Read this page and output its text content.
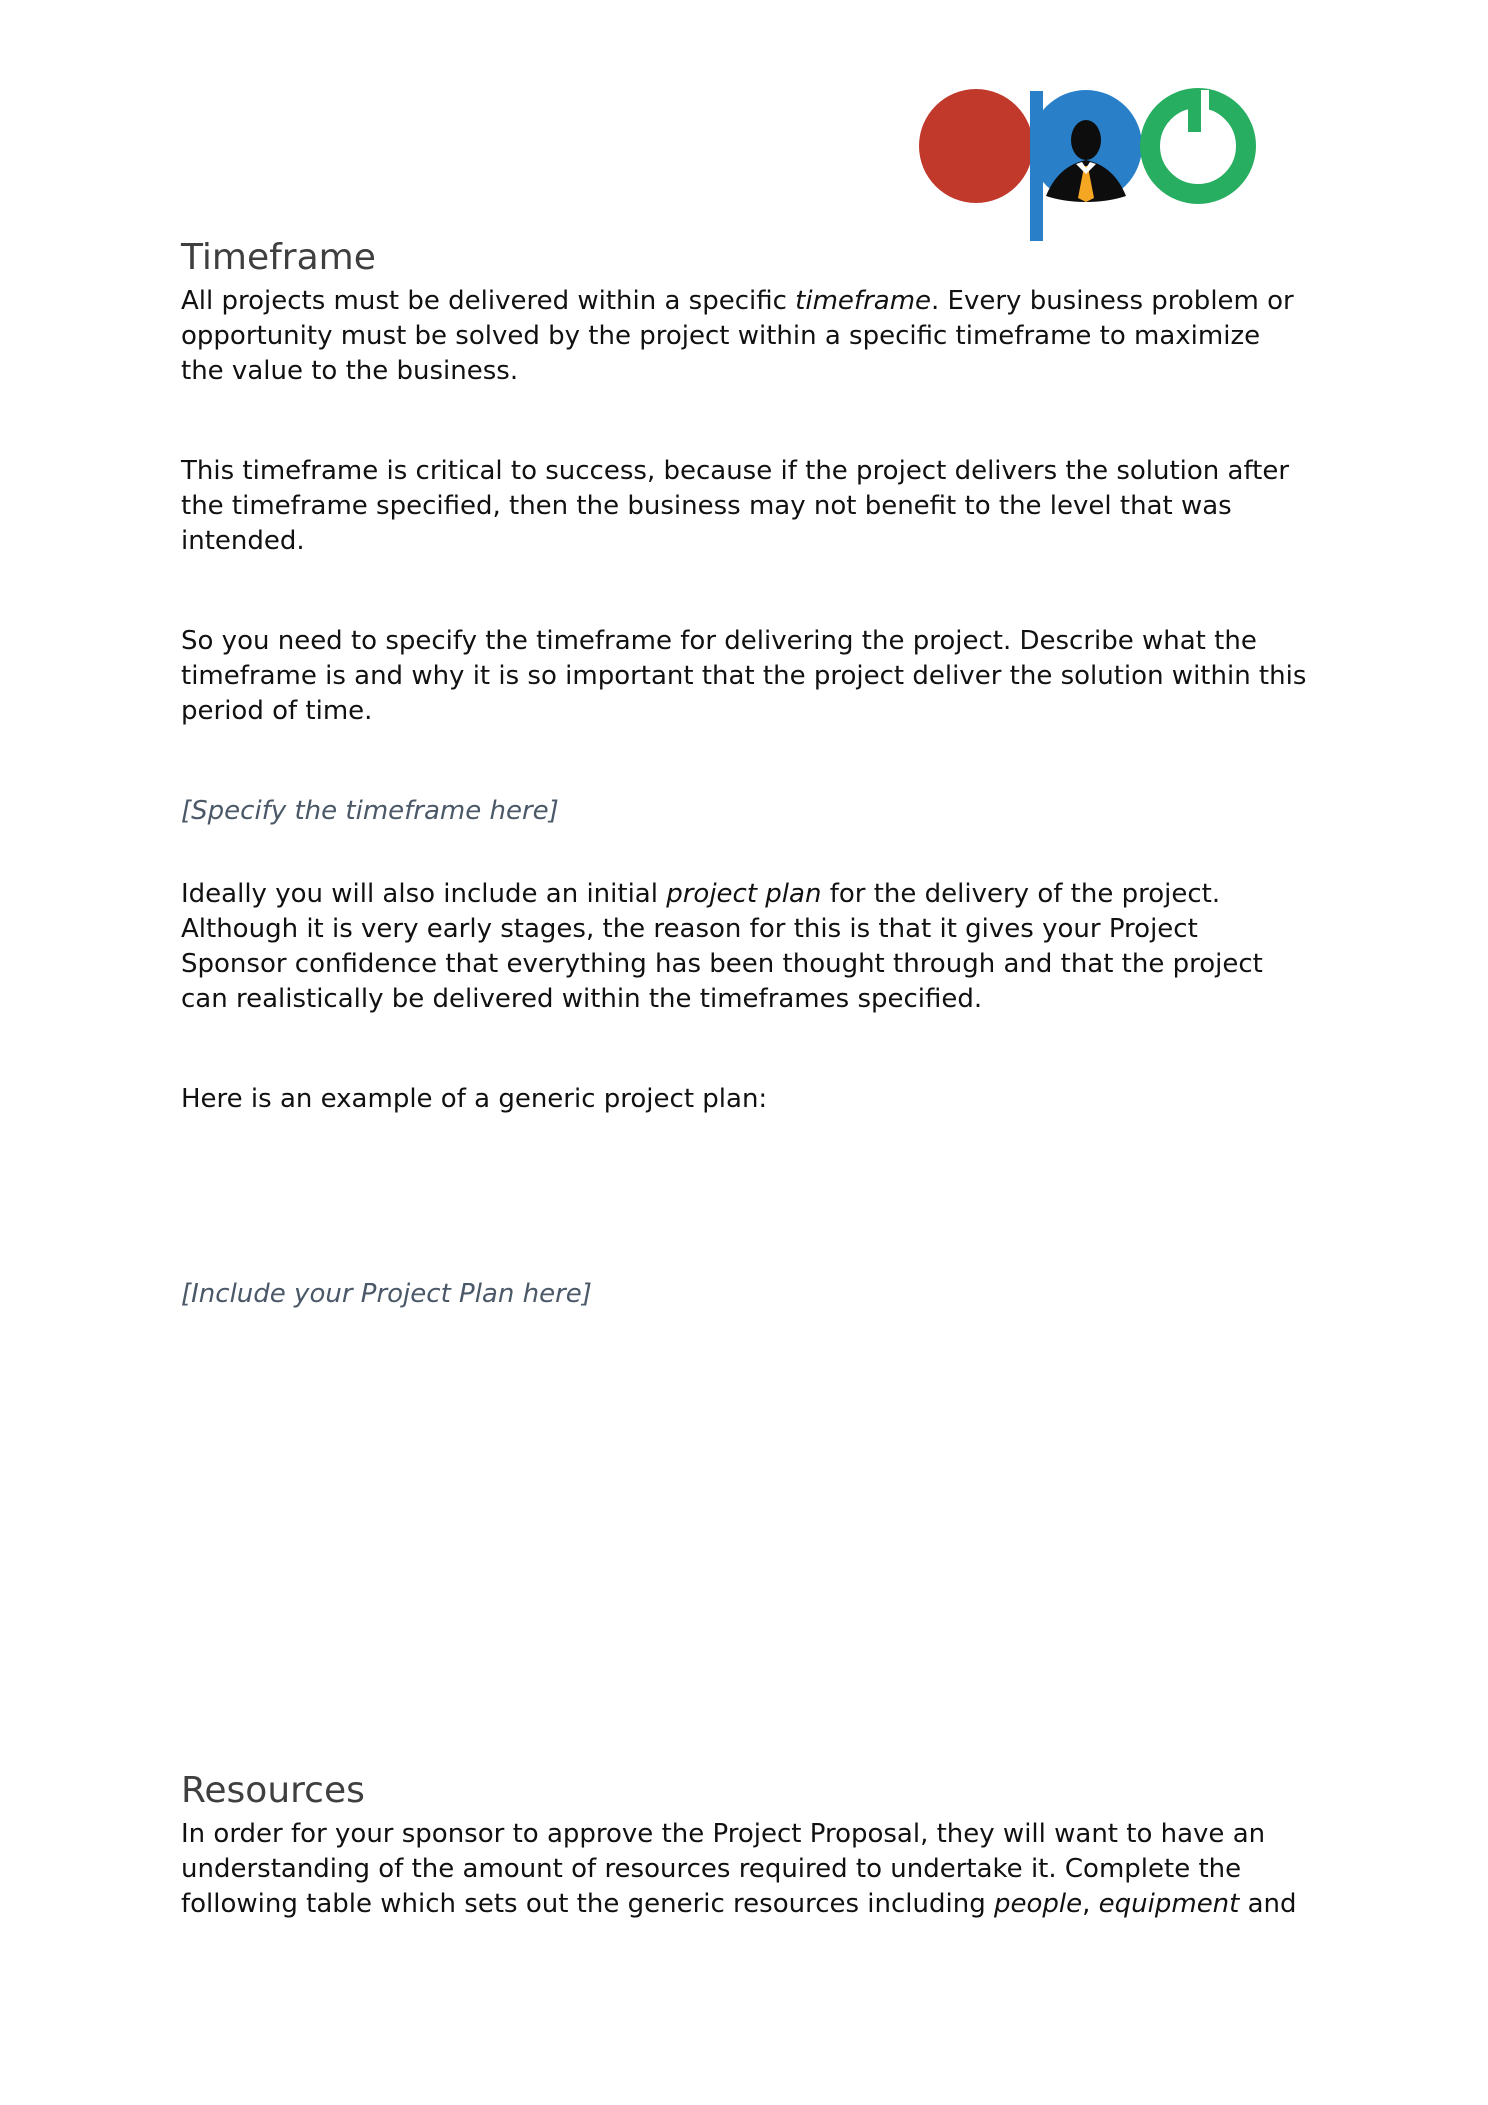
Timeframe

All projects must be delivered within a specific timeframe. Every business problem or opportunity must be solved by the project within a specific timeframe to maximize the value to the business.

This timeframe is critical to success, because if the project delivers the solution after the timeframe specified, then the business may not benefit to the level that was intended.

So you need to specify the timeframe for delivering the project. Describe what the timeframe is and why it is so important that the project deliver the solution within this period of time.

[Specify the timeframe here]

Ideally you will also include an initial project plan for the delivery of the project. Although it is very early stages, the reason for this is that it gives your Project Sponsor confidence that everything has been thought through and that the project can realistically be delivered within the timeframes specified.

Here is an example of a generic project plan:

[Include your Project Plan here]

Resources

In order for your sponsor to approve the Project Proposal, they will want to have an understanding of the amount of resources required to undertake it. Complete the following table which sets out the generic resources including people, equipment and
